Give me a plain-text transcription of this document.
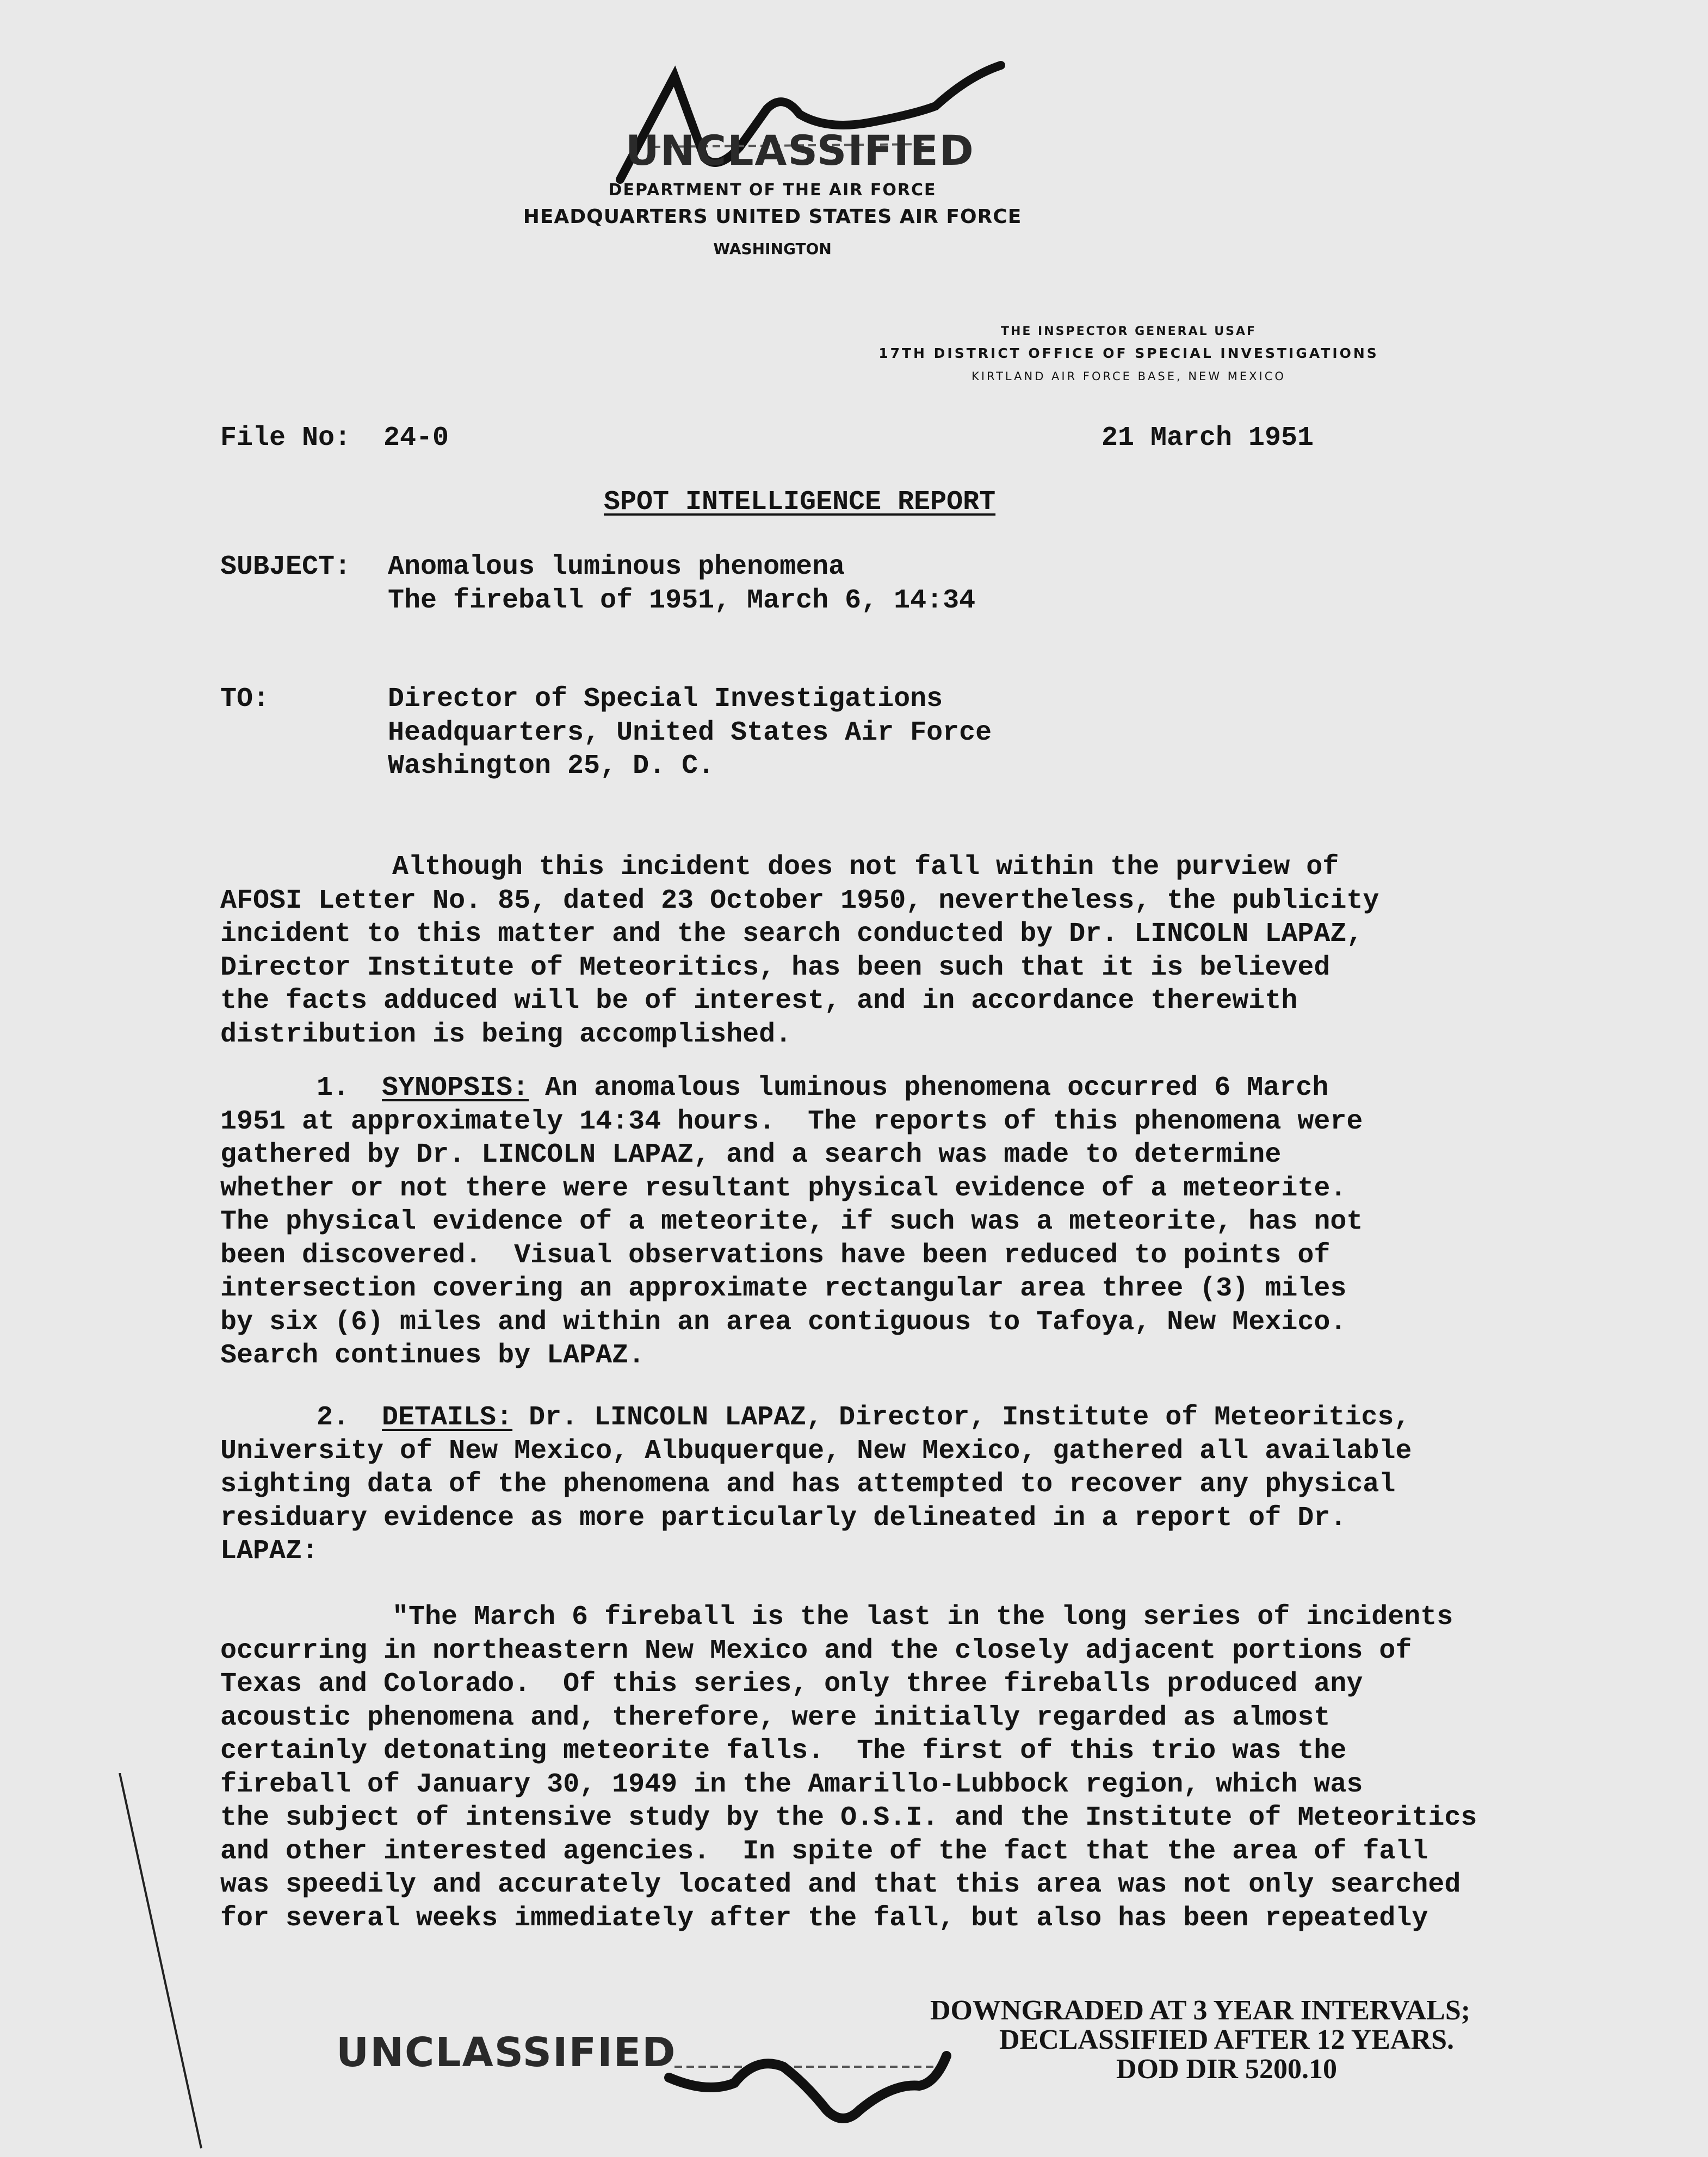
UNCLASSIFIED
DEPARTMENT OF THE AIR FORCE
HEADQUARTERS UNITED STATES AIR FORCE
WASHINGTON
THE INSPECTOR GENERAL USAF
17TH DISTRICT OFFICE OF SPECIAL INVESTIGATIONS
KIRTLAND AIR FORCE BASE, NEW MEXICO
File No: 24-0	21 March 1951
SPOT INTELLIGENCE REPORT
SUBJECT: Anomalous luminous phenomena
The fireball of 1951, March 6, 14:34
TO:	Director of Special Investigations
Headquarters, United States Air Force
Washington 25, D. C.
Although this incident does not fall within the purview of
AFOSI Letter No. 85, dated 23 October 1950, nevertheless, the publicity
incident to this matter and the search conducted by Dr. LINCOLN LAPAZ,
Director Institute of Meteoritics, has been such that it is believed
the facts adduced will be of interest, and in accordance therewith
distribution is being accomplished.
1. SYNOPSIS: An anomalous luminous phenomena occurred 6 March
1951 at approximately 14:34 hours.  The reports of this phenomena were
gathered by Dr. LINCOLN LAPAZ, and a search was made to determine
whether or not there were resultant physical evidence of a meteorite.
The physical evidence of a meteorite, if such was a meteorite, has not
been discovered.  Visual observations have been reduced to points of
intersection covering an approximate rectangular area three (3) miles
by six (6) miles and within an area contiguous to Tafoya, New Mexico.
Search continues by LAPAZ.
2. DETAILS: Dr. LINCOLN LAPAZ, Director, Institute of Meteoritics,
University of New Mexico, Albuquerque, New Mexico, gathered all available
sighting data of the phenomena and has attempted to recover any physical
residuary evidence as more particularly delineated in a report of Dr.
LAPAZ:
"The March 6 fireball is the last in the long series of incidents
occurring in northeastern New Mexico and the closely adjacent portions of
Texas and Colorado.  Of this series, only three fireballs produced any
acoustic phenomena and, therefore, were initially regarded as almost
certainly detonating meteorite falls.  The first of this trio was the
fireball of January 30, 1949 in the Amarillo-Lubbock region, which was
the subject of intensive study by the O.S.I. and the Institute of Meteoritics
and other interested agencies.  In spite of the fact that the area of fall
was speedily and accurately located and that this area was not only searched
for several weeks immediately after the fall, but also has been repeatedly
UNCLASSIFIED
DOWNGRADED AT 3 YEAR INTERVALS;
DECLASSIFIED AFTER 12 YEARS.
DOD DIR 5200.10
